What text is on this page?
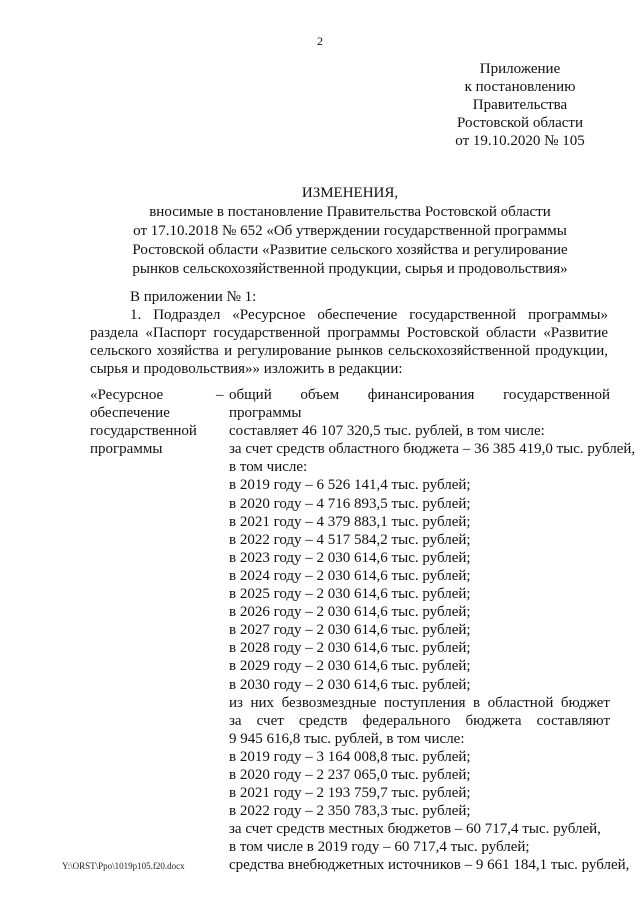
2
Приложение
к постановлению
Правительства
Ростовской области
от 19.10.2020 № 105
ИЗМЕНЕНИЯ,
вносимые в постановление Правительства Ростовской области
от 17.10.2018 № 652 «Об утверждении государственной программы
Ростовской области «Развитие сельского хозяйства и регулирование
рынков сельскохозяйственной продукции, сырья и продовольствия»
В приложении № 1:
1. Подраздел «Ресурсное обеспечение государственной программы»
раздела «Паспорт государственной программы Ростовской области «Развитие
сельского хозяйства и регулирование рынков сельскохозяйственной продукции,
сырья и продовольствия»» изложить в редакции:
«Ресурсное
обеспечение
государственной
программы
– общий объем финансирования государственной программы
составляет 46 107 320,5 тыс. рублей, в том числе:
за счет средств областного бюджета – 36 385 419,0 тыс. рублей,
в том числе:
в 2019 году – 6 526 141,4 тыс. рублей;
в 2020 году – 4 716 893,5 тыс. рублей;
в 2021 году – 4 379 883,1 тыс. рублей;
в 2022 году – 4 517 584,2 тыс. рублей;
в 2023 году – 2 030 614,6 тыс. рублей;
в 2024 году – 2 030 614,6 тыс. рублей;
в 2025 году – 2 030 614,6 тыс. рублей;
в 2026 году – 2 030 614,6 тыс. рублей;
в 2027 году – 2 030 614,6 тыс. рублей;
в 2028 году – 2 030 614,6 тыс. рублей;
в 2029 году – 2 030 614,6 тыс. рублей;
в 2030 году – 2 030 614,6 тыс. рублей;
из них безвозмездные поступления в областной бюджет
за счет средств федерального бюджета составляют
9 945 616,8 тыс. рублей, в том числе:
в 2019 году – 3 164 008,8 тыс. рублей;
в 2020 году – 2 237 065,0 тыс. рублей;
в 2021 году – 2 193 759,7 тыс. рублей;
в 2022 году – 2 350 783,3 тыс. рублей;
за счет средств местных бюджетов – 60 717,4 тыс. рублей,
в том числе в 2019 году – 60 717,4 тыс. рублей;
средства внебюджетных источников – 9 661 184,1 тыс. рублей,
Y:\ORST\Ppo\1019p105.f20.docx
